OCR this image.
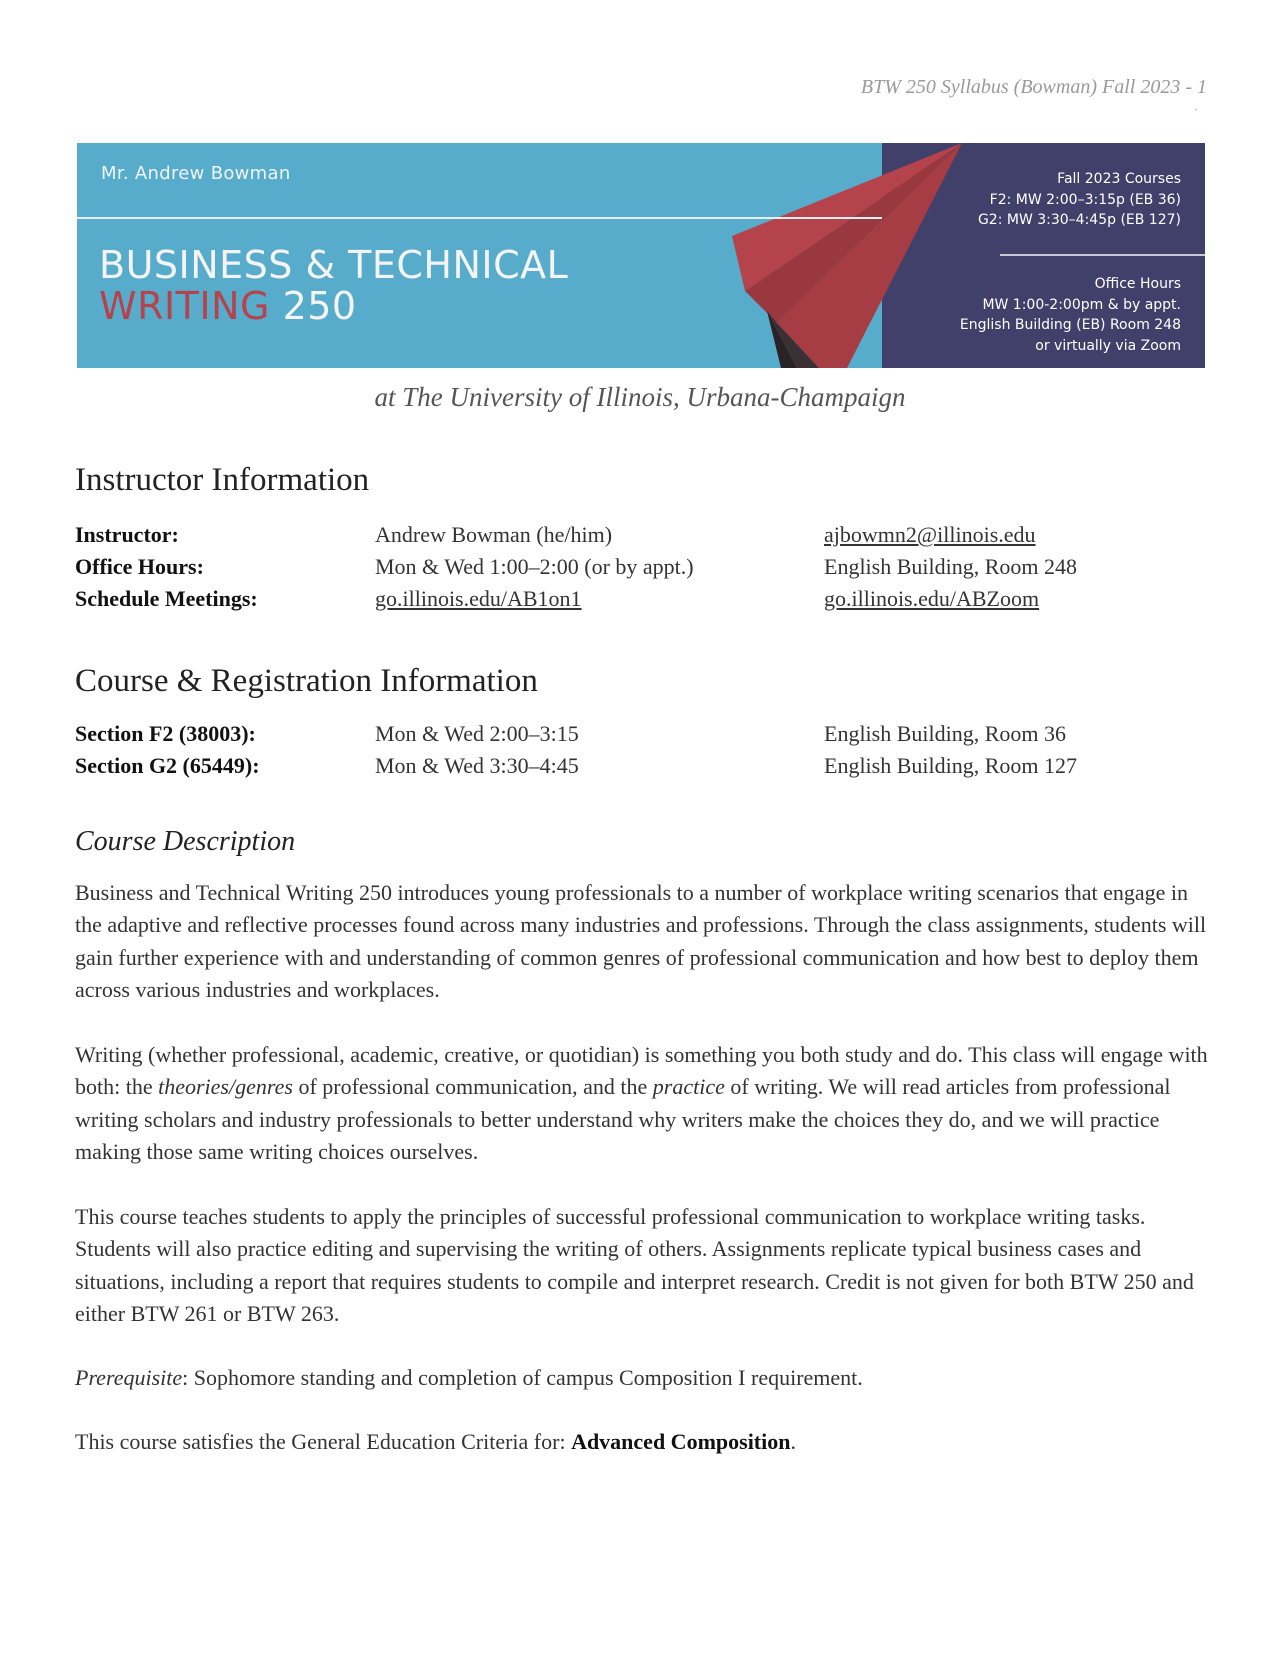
BTW 250 Syllabus (Bowman) Fall 2023 - 1
`
Mr. Andrew Bowman
BUSINESS & TECHNICAL
WRITING 250
Fall 2023 Courses
F2: MW 2:00–3:15p (EB 36)
G2: MW 3:30–4:45p (EB 127)
Office Hours
MW 1:00-2:00pm & by appt.
English Building (EB) Room 248
or virtually via Zoom
at The University of Illinois, Urbana-Champaign
Instructor Information
Instructor:	Andrew Bowman (he/him)	ajbowmn2@illinois.edu
Office Hours:	Mon & Wed 1:00–2:00 (or by appt.)	English Building, Room 248
Schedule Meetings:	go.illinois.edu/AB1on1	go.illinois.edu/ABZoom
Course & Registration Information
Section F2 (38003):	Mon & Wed 2:00–3:15	English Building, Room 36
Section G2 (65449):	Mon & Wed 3:30–4:45	English Building, Room 127
Course Description

Business and Technical Writing 250 introduces young professionals to a number of workplace writing scenarios that engage in the adaptive and reflective processes found across many industries and professions. Through the class assignments, students will gain further experience with and understanding of common genres of professional communication and how best to deploy them across various industries and workplaces.

Writing (whether professional, academic, creative, or quotidian) is something you both study and do. This class will engage with both: the theories/genres of professional communication, and the practice of writing. We will read articles from professional writing scholars and industry professionals to better understand why writers make the choices they do, and we will practice making those same writing choices ourselves.

This course teaches students to apply the principles of successful professional communication to workplace writing tasks. Students will also practice editing and supervising the writing of others. Assignments replicate typical business cases and situations, including a report that requires students to compile and interpret research. Credit is not given for both BTW 250 and either BTW 261 or BTW 263.

Prerequisite: Sophomore standing and completion of campus Composition I requirement.

This course satisfies the General Education Criteria for: Advanced Composition.
